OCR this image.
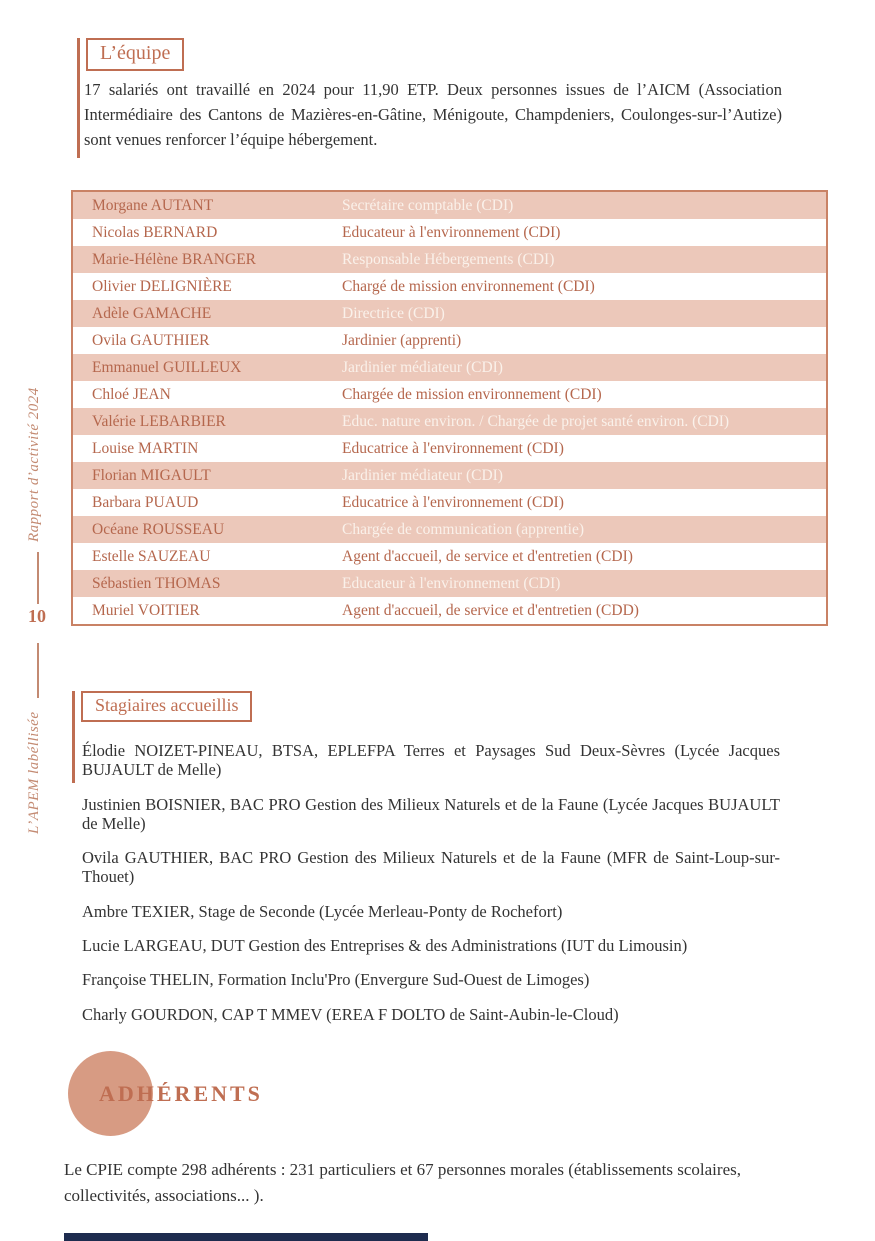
Rapport d’activité 2024
10
L’APEM labéllisée
L’équipe

17 salariés ont travaillé en 2024 pour 11,90 ETP. Deux personnes issues de l’AICM (Association Intermédiaire des Cantons de Mazières-en-Gâtine, Ménigoute, Champdeniers, Coulonges-sur-l’Autize) sont venues renforcer l’équipe hébergement.

Morgane AUTANT	Secrétaire comptable (CDI)
Nicolas BERNARD	Educateur à l'environnement (CDI)
Marie-Hélène BRANGER	Responsable Hébergements (CDI)
Olivier DELIGNIÈRE	Chargé de mission environnement (CDI)
Adèle GAMACHE	Directrice (CDI)
Ovila GAUTHIER	Jardinier (apprenti)
Emmanuel GUILLEUX	Jardinier médiateur (CDI)
Chloé JEAN	Chargée de mission environnement (CDI)
Valérie LEBARBIER	Educ. nature environ. / Chargée de projet santé environ. (CDI)
Louise MARTIN	Educatrice à l'environnement (CDI)
Florian MIGAULT	Jardinier médiateur (CDI)
Barbara PUAUD	Educatrice à l'environnement (CDI)
Océane ROUSSEAU	Chargée de communication (apprentie)
Estelle SAUZEAU	Agent d'accueil, de service et d'entretien (CDI)
Sébastien THOMAS	Educateur à l'environnement (CDI)
Muriel VOITIER	Agent d'accueil, de service et d'entretien (CDD)
Stagiaires accueillis

Élodie NOIZET-PINEAU, BTSA, EPLEFPA Terres et Paysages Sud Deux-Sèvres (Lycée Jacques BUJAULT de Melle)

Justinien BOISNIER, BAC PRO Gestion des Milieux Naturels et de la Faune (Lycée Jacques BUJAULT de Melle)

Ovila GAUTHIER, BAC PRO Gestion des Milieux Naturels et de la Faune (MFR de Saint-Loup-sur-Thouet)

Ambre TEXIER, Stage de Seconde (Lycée Merleau-Ponty de Rochefort)

Lucie LARGEAU, DUT Gestion des Entreprises & des Administrations (IUT du Limousin)

Françoise THELIN, Formation Inclu'Pro (Envergure Sud-Ouest de Limoges)

Charly GOURDON, CAP T MMEV (EREA F DOLTO de Saint-Aubin-le-Cloud)

ADHÉRENTS

Le CPIE compte 298 adhérents : 231 particuliers et 67 personnes morales (établissements scolaires, collectivités, associations... ).
